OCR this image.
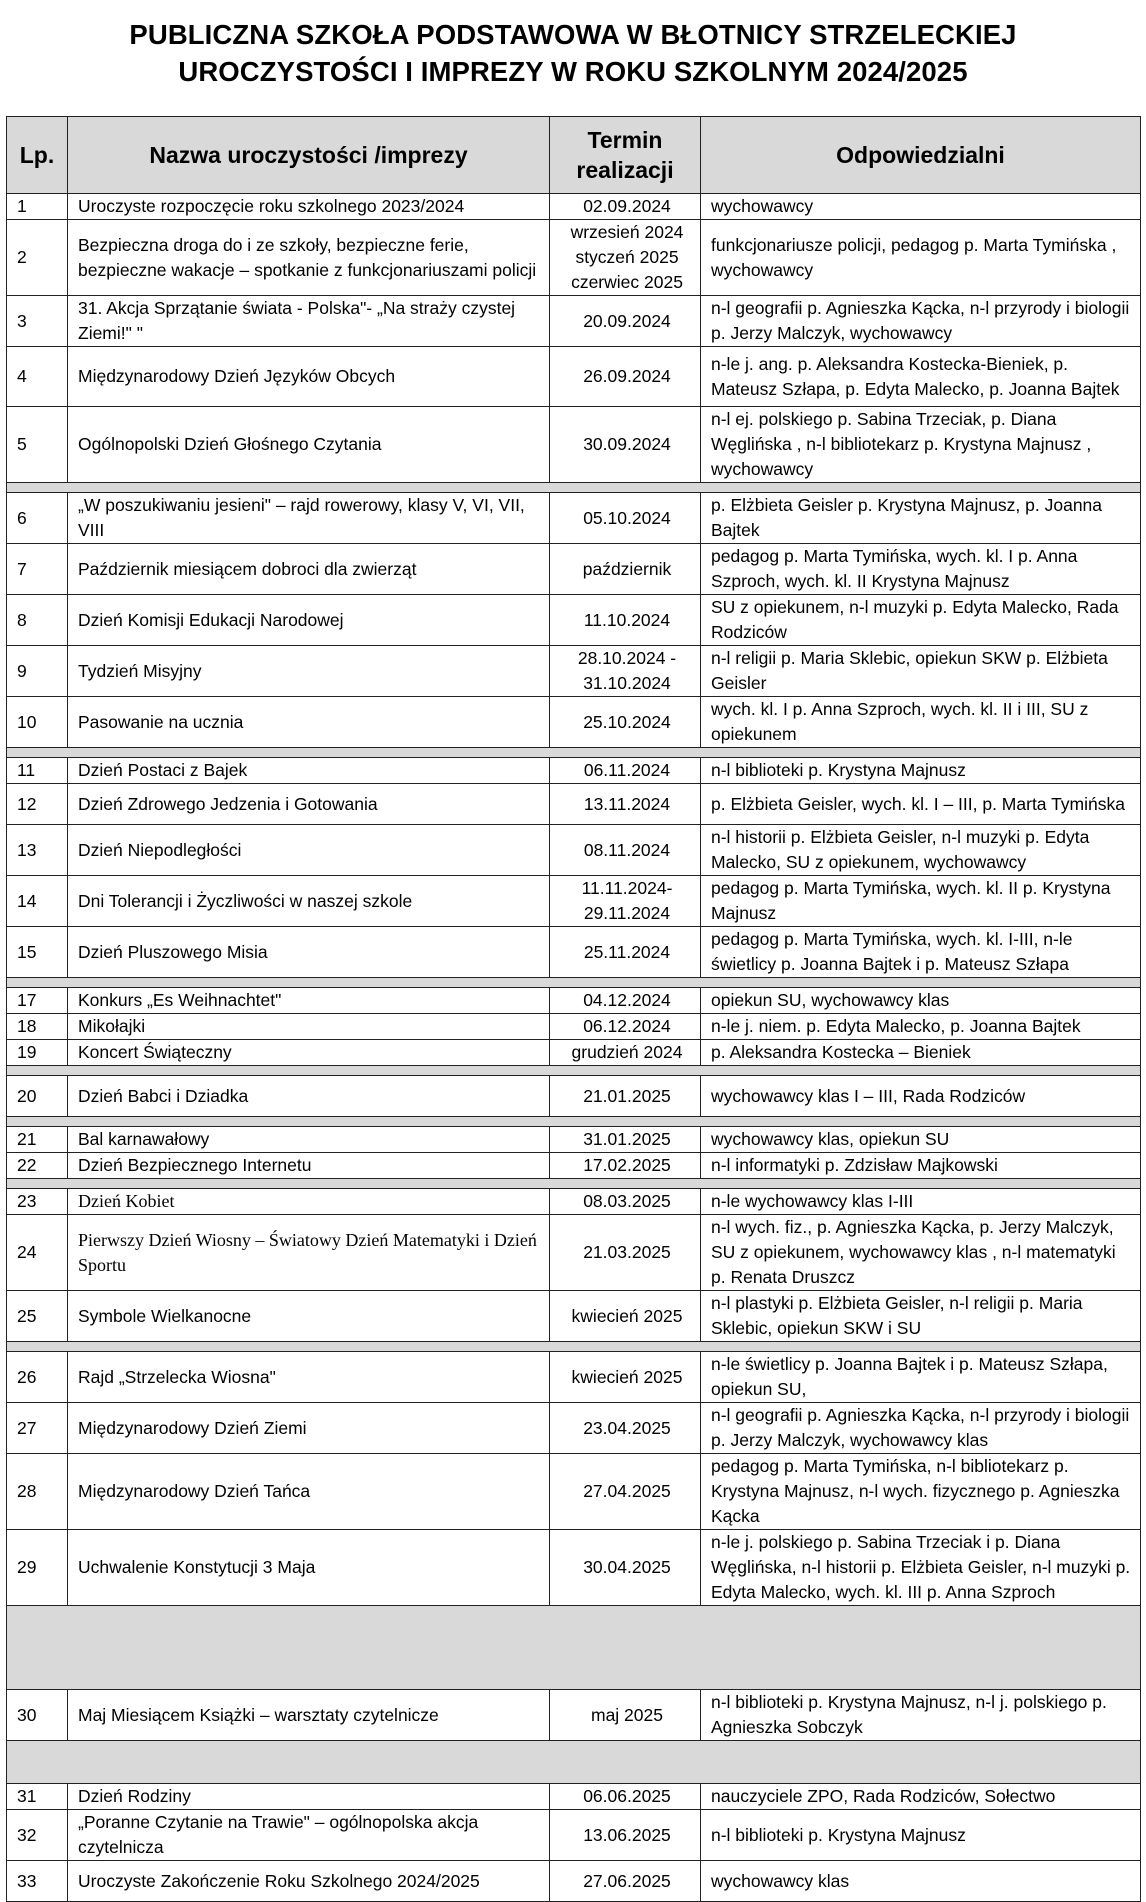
PUBLICZNA SZKOŁA PODSTAWOWA W BŁOTNICY STRZELECKIEJ
UROCZYSTOŚCI I IMPREZY W ROKU SZKOLNYM 2024/2025
Lp.	Nazwa uroczystości /imprezy	Termin realizacji	Odpowiedzialni
1	Uroczyste rozpoczęcie roku szkolnego 2023/2024	02.09.2024	wychowawcy
2	Bezpieczna droga do i ze szkoły, bezpieczne ferie, bezpieczne wakacje – spotkanie z funkcjonariuszami policji	wrzesień 2024 styczeń 2025 czerwiec 2025	funkcjonariusze policji, pedagog p. Marta Tymińska , wychowawcy
3	31. Akcja Sprzątanie świata - Polska"- „Na straży czystej Ziemi!" "	20.09.2024	n-l geografii p. Agnieszka Kącka, n-l przyrody i biologii p. Jerzy Malczyk, wychowawcy
4	Międzynarodowy Dzień Języków Obcych	26.09.2024	n-le j. ang. p. Aleksandra Kostecka-Bieniek, p. Mateusz Szłapa, p. Edyta Malecko, p. Joanna Bajtek
5	Ogólnopolski Dzień Głośnego Czytania	30.09.2024	n-l ej. polskiego p. Sabina Trzeciak, p. Diana Węglińska , n-l bibliotekarz p. Krystyna Majnusz , wychowawcy

6	„W poszukiwaniu jesieni" – rajd rowerowy, klasy V, VI, VII, VIII	05.10.2024	p. Elżbieta Geisler p. Krystyna Majnusz, p. Joanna Bajtek
7	Październik miesiącem dobroci dla zwierząt	październik	pedagog p. Marta Tymińska, wych. kl. I p. Anna Szproch, wych. kl. II Krystyna Majnusz
8	Dzień Komisji Edukacji Narodowej	11.10.2024	SU z opiekunem, n-l muzyki p. Edyta Malecko, Rada Rodziców
9	Tydzień Misyjny	28.10.2024 - 31.10.2024	n-l religii p. Maria Sklebic, opiekun SKW p. Elżbieta Geisler
10	Pasowanie na ucznia	25.10.2024	wych. kl. I p. Anna Szproch, wych. kl. II i III, SU z opiekunem

11	Dzień Postaci z Bajek	06.11.2024	n-l biblioteki p. Krystyna Majnusz
12	Dzień Zdrowego Jedzenia i Gotowania	13.11.2024	p. Elżbieta Geisler, wych. kl. I – III, p. Marta Tymińska
13	Dzień Niepodległości	08.11.2024	n-l historii p. Elżbieta Geisler, n-l muzyki p. Edyta Malecko, SU z opiekunem, wychowawcy
14	Dni Tolerancji i Życzliwości w naszej szkole	11.11.2024- 29.11.2024	pedagog p. Marta Tymińska, wych. kl. II p. Krystyna Majnusz
15	Dzień Pluszowego Misia	25.11.2024	pedagog p. Marta Tymińska, wych. kl. I-III, n-le świetlicy p. Joanna Bajtek i p. Mateusz Szłapa

17	Konkurs „Es Weihnachtet"	04.12.2024	opiekun SU, wychowawcy klas
18	Mikołajki	06.12.2024	n-le j. niem. p. Edyta Malecko, p. Joanna Bajtek
19	Koncert Świąteczny	grudzień 2024	p. Aleksandra Kostecka – Bieniek

20	Dzień Babci i Dziadka	21.01.2025	wychowawcy klas I – III, Rada Rodziców

21	Bal karnawałowy	31.01.2025	wychowawcy klas, opiekun SU
22	Dzień Bezpiecznego Internetu	17.02.2025	n-l informatyki p. Zdzisław Majkowski

23	Dzień Kobiet	08.03.2025	n-le wychowawcy klas I-III
24	Pierwszy Dzień Wiosny – Światowy Dzień Matematyki i Dzień Sportu	21.03.2025	n-l wych. fiz., p. Agnieszka Kącka, p. Jerzy Malczyk, SU z opiekunem, wychowawcy klas , n-l matematyki p. Renata Druszcz
25	Symbole Wielkanocne	kwiecień 2025	n-l plastyki p. Elżbieta Geisler, n-l religii p. Maria Sklebic, opiekun SKW i SU

26	Rajd „Strzelecka Wiosna"	kwiecień 2025	n-le świetlicy p. Joanna Bajtek i p. Mateusz Szłapa, opiekun SU,
27	Międzynarodowy Dzień Ziemi	23.04.2025	n-l geografii p. Agnieszka Kącka, n-l przyrody i biologii p. Jerzy Malczyk, wychowawcy klas
28	Międzynarodowy Dzień Tańca	27.04.2025	pedagog p. Marta Tymińska, n-l bibliotekarz p. Krystyna Majnusz, n-l wych. fizycznego p. Agnieszka Kącka
29	Uchwalenie Konstytucji 3 Maja	30.04.2025	n-le j. polskiego p. Sabina Trzeciak i p. Diana Węglińska, n-l historii p. Elżbieta Geisler, n-l muzyki p. Edyta Malecko, wych. kl. III p. Anna Szproch

30	Maj Miesiącem Książki – warsztaty czytelnicze	maj 2025	n-l biblioteki p. Krystyna Majnusz, n-l j. polskiego p. Agnieszka Sobczyk

31	Dzień Rodziny	06.06.2025	nauczyciele ZPO, Rada Rodziców, Sołectwo
32	„Poranne Czytanie na Trawie" – ogólnopolska akcja czytelnicza	13.06.2025	n-l biblioteki p. Krystyna Majnusz
33	Uroczyste Zakończenie Roku Szkolnego 2024/2025	27.06.2025	wychowawcy klas
